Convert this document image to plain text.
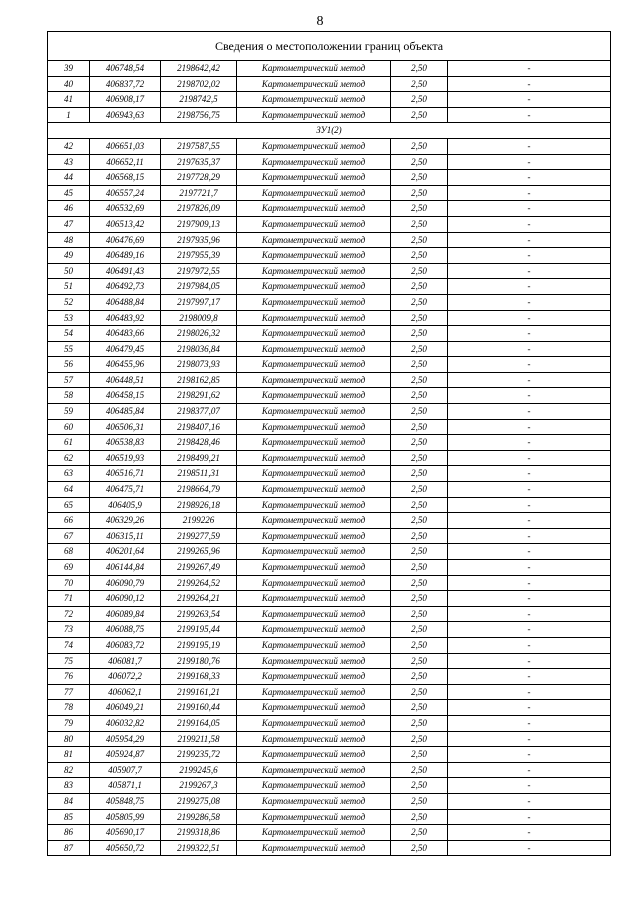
8
Сведения о местоположении границ объекта					
39	406748,54	2198642,42	Картометрический метод	2,50	-
40	406837,72	2198702,02	Картометрический метод	2,50	-
41	406908,17	2198742,5	Картометрический метод	2,50	-
1	406943,63	2198756,75	Картометрический метод	2,50	-
ЗУ1(2)					
42	406651,03	2197587,55	Картометрический метод	2,50	-
43	406652,11	2197635,37	Картометрический метод	2,50	-
44	406568,15	2197728,29	Картометрический метод	2,50	-
45	406557,24	2197721,7	Картометрический метод	2,50	-
46	406532,69	2197826,09	Картометрический метод	2,50	-
47	406513,42	2197909,13	Картометрический метод	2,50	-
48	406476,69	2197935,96	Картометрический метод	2,50	-
49	406489,16	2197955,39	Картометрический метод	2,50	-
50	406491,43	2197972,55	Картометрический метод	2,50	-
51	406492,73	2197984,05	Картометрический метод	2,50	-
52	406488,84	2197997,17	Картометрический метод	2,50	-
53	406483,92	2198009,8	Картометрический метод	2,50	-
54	406483,66	2198026,32	Картометрический метод	2,50	-
55	406479,45	2198036,84	Картометрический метод	2,50	-
56	406455,96	2198073,93	Картометрический метод	2,50	-
57	406448,51	2198162,85	Картометрический метод	2,50	-
58	406458,15	2198291,62	Картометрический метод	2,50	-
59	406485,84	2198377,07	Картометрический метод	2,50	-
60	406506,31	2198407,16	Картометрический метод	2,50	-
61	406538,83	2198428,46	Картометрический метод	2,50	-
62	406519,93	2198499,21	Картометрический метод	2,50	-
63	406516,71	2198511,31	Картометрический метод	2,50	-
64	406475,71	2198664,79	Картометрический метод	2,50	-
65	406405,9	2198926,18	Картометрический метод	2,50	-
66	406329,26	2199226	Картометрический метод	2,50	-
67	406315,11	2199277,59	Картометрический метод	2,50	-
68	406201,64	2199265,96	Картометрический метод	2,50	-
69	406144,84	2199267,49	Картометрический метод	2,50	-
70	406090,79	2199264,52	Картометрический метод	2,50	-
71	406090,12	2199264,21	Картометрический метод	2,50	-
72	406089,84	2199263,54	Картометрический метод	2,50	-
73	406088,75	2199195,44	Картометрический метод	2,50	-
74	406083,72	2199195,19	Картометрический метод	2,50	-
75	406081,7	2199180,76	Картометрический метод	2,50	-
76	406072,2	2199168,33	Картометрический метод	2,50	-
77	406062,1	2199161,21	Картометрический метод	2,50	-
78	406049,21	2199160,44	Картометрический метод	2,50	-
79	406032,82	2199164,05	Картометрический метод	2,50	-
80	405954,29	2199211,58	Картометрический метод	2,50	-
81	405924,87	2199235,72	Картометрический метод	2,50	-
82	405907,7	2199245,6	Картометрический метод	2,50	-
83	405871,1	2199267,3	Картометрический метод	2,50	-
84	405848,75	2199275,08	Картометрический метод	2,50	-
85	405805,99	2199286,58	Картометрический метод	2,50	-
86	405690,17	2199318,86	Картометрический метод	2,50	-
87	405650,72	2199322,51	Картометрический метод	2,50	-
